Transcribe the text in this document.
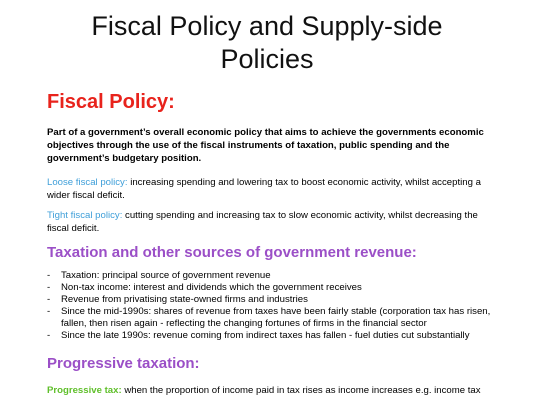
Fiscal Policy and Supply-side
Policies
Fiscal Policy:

Part of a government’s overall economic policy that aims to achieve the governments economic objectives through the use of the fiscal instruments of taxation, public spending and the government’s budgetary position.

Loose fiscal policy: increasing spending and lowering tax to boost economic activity, whilst accepting a wider fiscal deficit.

Tight fiscal policy: cutting spending and increasing tax to slow economic activity, whilst decreasing the fiscal deficit.

Taxation and other sources of government revenue:
- Taxation: principal source of government revenue
- Non-tax income: interest and dividends which the government receives
- Revenue from privatising state-owned firms and industries
- Since the mid-1990s: shares of revenue from taxes have been fairly stable (corporation tax has risen, fallen, then risen again - reflecting the changing fortunes of firms in the financial sector
- Since the late 1990s: revenue coming from indirect taxes has fallen - fuel duties cut substantially
Progressive taxation:

Progressive tax: when the proportion of income paid in tax rises as income increases e.g. income tax
